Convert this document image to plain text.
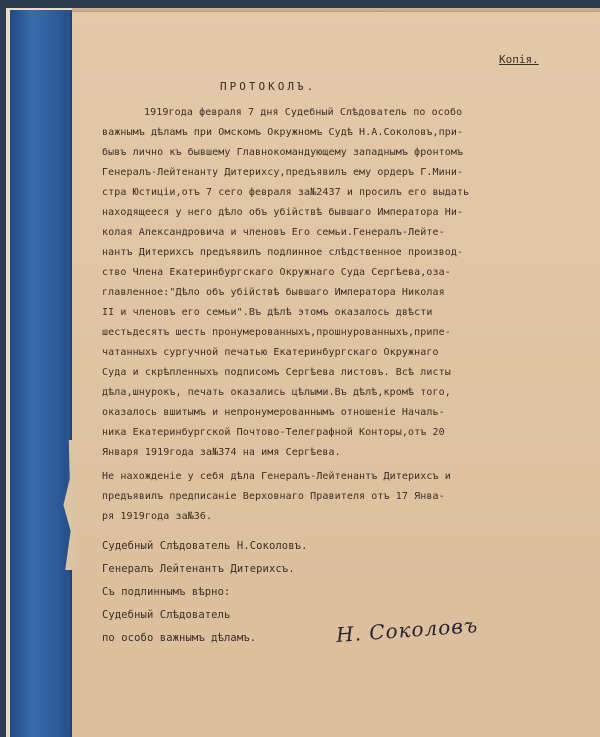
Копія.
ПРОТОКОЛЪ.
1919года февраля 7 дня Судебный Слѣдователь по особо
важнымъ дѣламъ при Омскомъ Окружномъ Судѣ Н.А.Соколовъ,при-
бывъ лично къ бывшему Главнокомандующему западнымъ фронтомъ
Генералъ-Лейтенанту Дитерихсу,предъявилъ ему ордеръ Г.Мини-
стра Юстиціи,отъ 7 сего февраля за№2437 и просилъ его выдать
находящееся у него дѣло объ убійствѣ бывшаго Императора Ни-
колая Александровича и членовъ Его семьи.Генералъ-Лейте-
нантъ Дитерихсъ предъявилъ подлинное слѣдственное производ-
ство Члена Екатеринбургскаго Окружнаго Суда Сергѣева,оза-
главленное:"Дѣло объ убійствѣ бывшаго Императора Николая
II и членовъ его семьи".Въ дѣлѣ этомъ оказалось двѣсти
шестьдесятъ шесть пронумерованныхъ,прошнурованныхъ,припе-
чатанныхъ сургучной печатью Екатеринбургскаго Окружнаго
Суда и скрѣпленныхъ подписомъ Сергѣева листовъ. Всѣ листы
дѣла,шнурокъ, печать оказались цѣлыми.Въ дѣлѣ,кромѣ того,
оказалось вшитымъ и непронумерованнымъ отношеніе Началь-
ника Екатеринбургской Почтово-Телеграфной Конторы,отъ 20
Января 1919года за№374 на имя Сергѣева.
Не нахожденіе у себя дѣла Генералъ-Лейтенантъ Дитерихсъ и
предъявилъ предписаніе Верховнаго Правителя отъ 17 Янва-
ря 1919года за№36.
Судебный Слѣдователь Н.Соколовъ.
Генералъ Лейтенантъ Дитерихсъ.
Съ подлиннымъ вѣрно:
Судебный Слѣдователь
по особо важнымъ дѣламъ.	Н. Соколовъ
